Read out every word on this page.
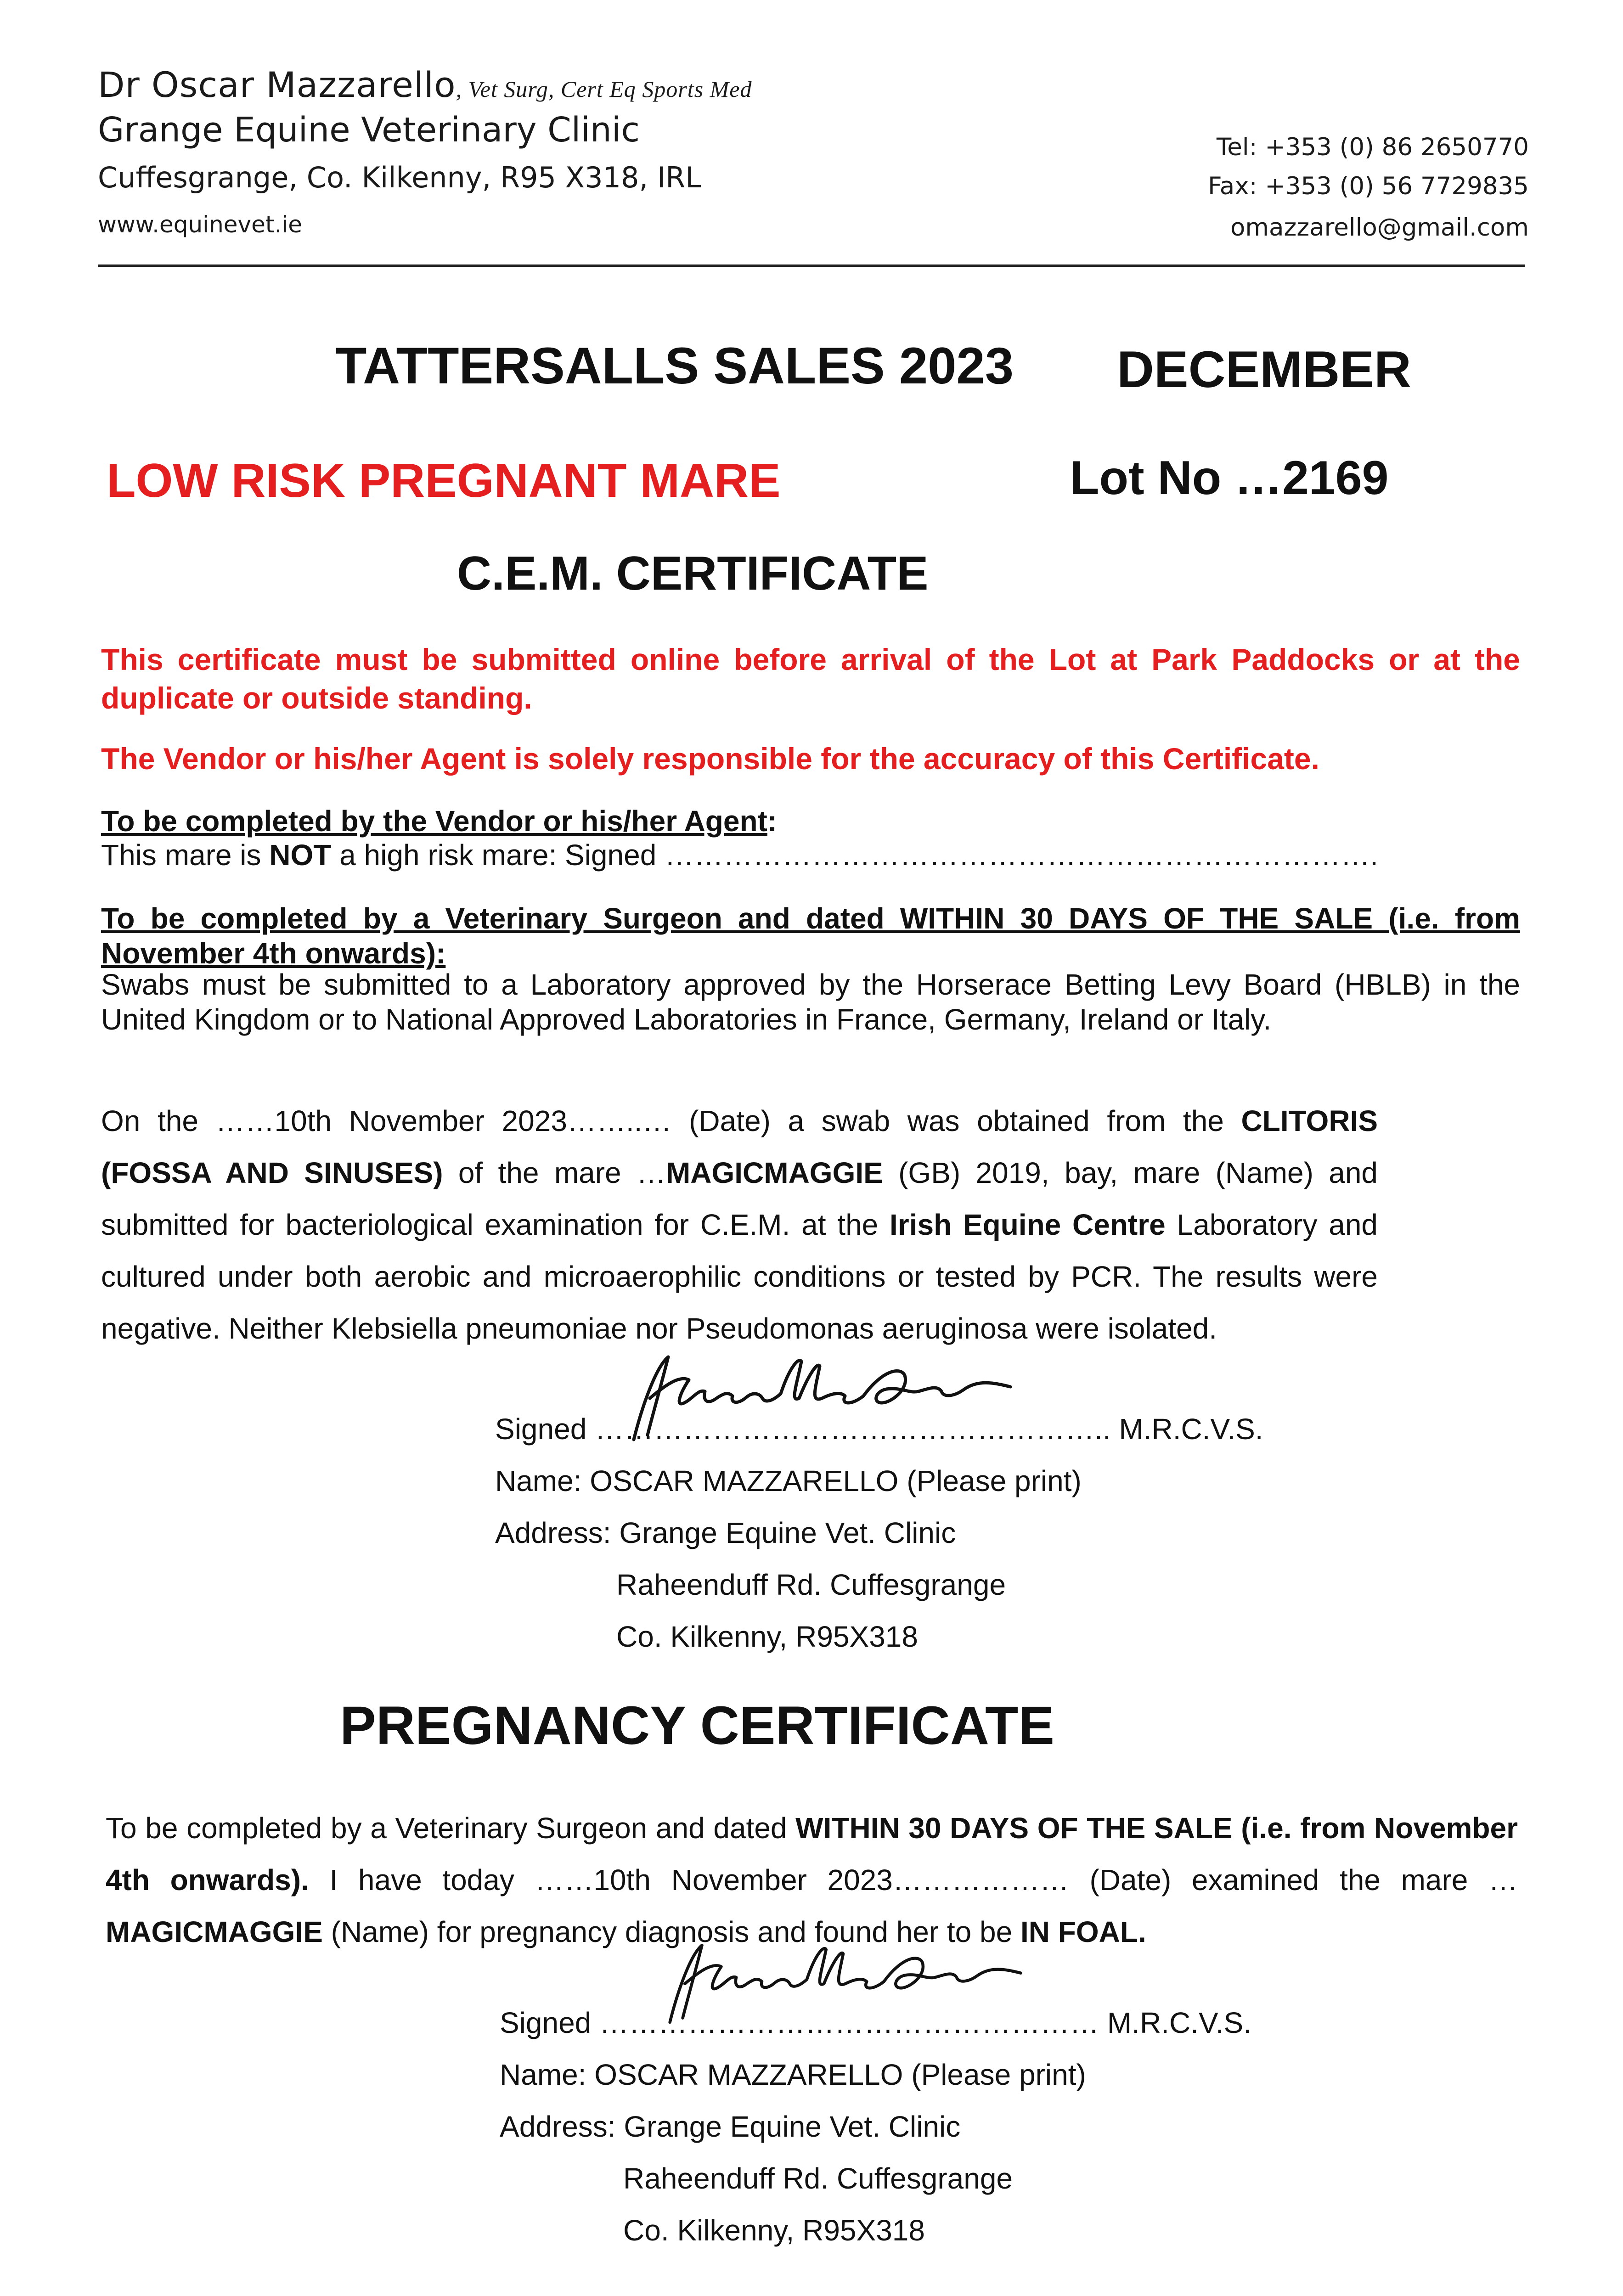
Dr Oscar Mazzarello, Vet Surg, Cert Eq Sports Med
Grange Equine Veterinary Clinic
Cuffesgrange, Co. Kilkenny, R95 X318, IRL
www.equinevet.ie
Tel: +353 (0) 86 2650770
Fax: +353 (0) 56 7729835
omazzarello@gmail.com
TATTERSALLS SALES 2023 DECEMBER
LOW RISK PREGNANT MARE	Lot No …2169
C.E.M. CERTIFICATE
This certificate must be submitted online before arrival of the Lot at Park Paddocks or at the duplicate or outside standing.
The Vendor or his/her Agent is solely responsible for the accuracy of this Certificate.
To be completed by the Vendor or his/her Agent:
This mare is NOT a high risk mare: Signed ……………………………………………………………….
To be completed by a Veterinary Surgeon and dated WITHIN 30 DAYS OF THE SALE (i.e. from November 4th onwards):
Swabs must be submitted to a Laboratory approved by the Horserace Betting Levy Board (HBLB) in the United Kingdom or to National Approved Laboratories in France, Germany, Ireland or Italy.
On the ……10th November 2023……..… (Date) a swab was obtained from the CLITORIS (FOSSA AND SINUSES) of the mare …MAGICMAGGIE (GB) 2019, bay, mare (Name) and submitted for bacteriological examination for C.E.M. at the Irish Equine Centre Laboratory and cultured under both aerobic and microaerophilic conditions or tested by PCR. The results were negative. Neither Klebsiella pneumoniae nor Pseudomonas aeruginosa were isolated.
Signed …………………………………………….. M.R.C.V.S.
Name: OSCAR MAZZARELLO (Please print)
Address: Grange Equine Vet. Clinic
Raheenduff Rd. Cuffesgrange
Co. Kilkenny, R95X318
PREGNANCY CERTIFICATE
To be completed by a Veterinary Surgeon and dated WITHIN 30 DAYS OF THE SALE (i.e. from November 4th onwards). I have today ……10th November 2023……………… (Date) examined the mare …MAGICMAGGIE (Name) for pregnancy diagnosis and found her to be IN FOAL.
Signed …………………………………………… M.R.C.V.S.
Name: OSCAR MAZZARELLO (Please print)
Address: Grange Equine Vet. Clinic
Raheenduff Rd. Cuffesgrange
Co. Kilkenny, R95X318
